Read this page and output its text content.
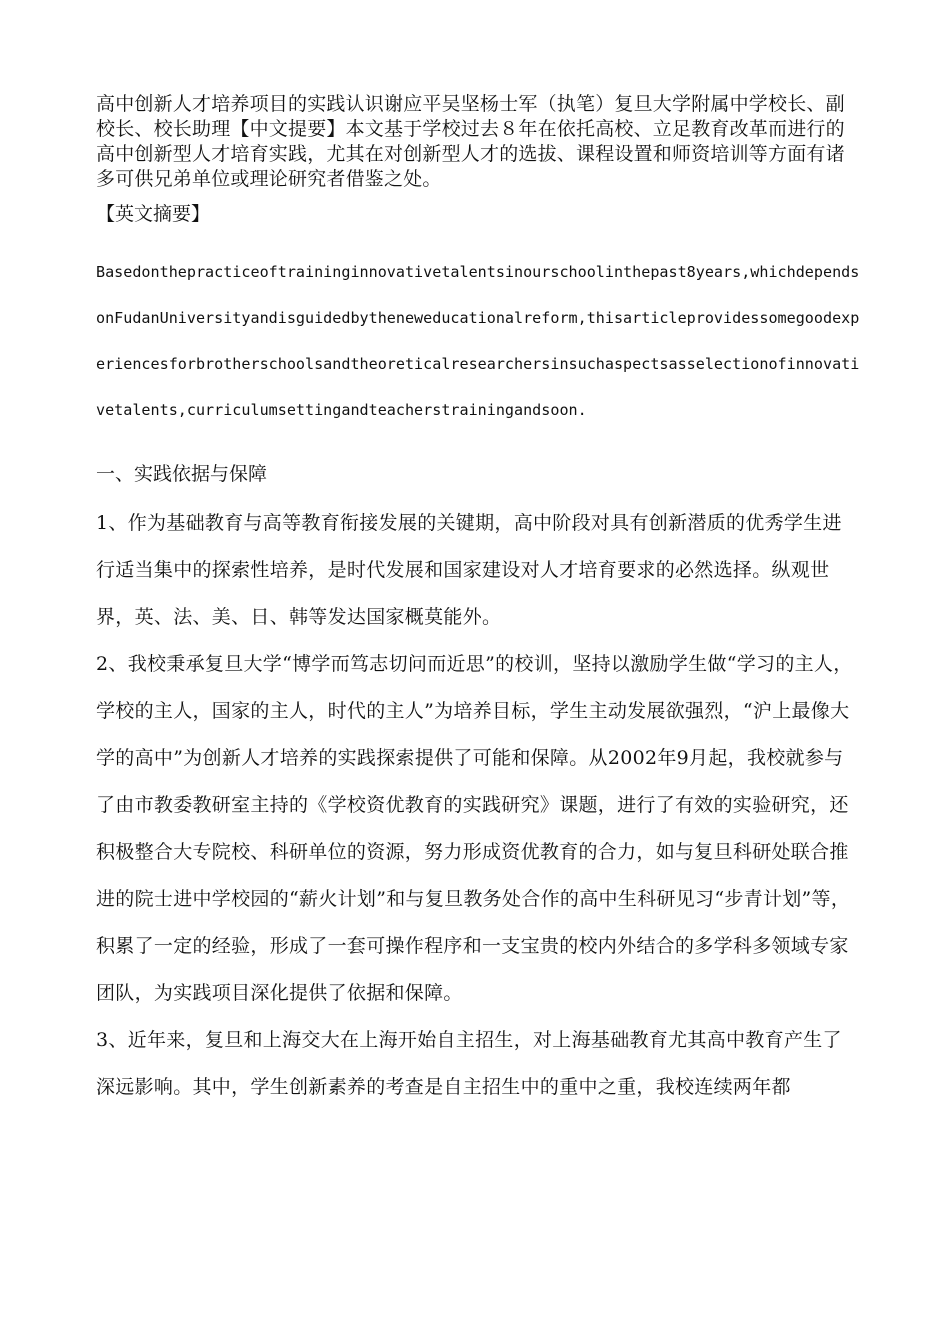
高中创新人才培养项目的实践认识谢应平吴坚杨士军（执笔）复旦大学附属中学校长、副校长、校长助理【中文提要】本文基于学校过去８年在依托高校、立足教育改革而进行的高中创新型人才培育实践，尤其在对创新型人才的选拔、课程设置和师资培训等方面有诸多可供兄弟单位或理论研究者借鉴之处。

【英文摘要】

Basedonthepracticeoftraininginnovativetalentsinourschoolinthepast8years,whichdependsonFudanUniversityandisguidedbytheneweducationalreform,thisarticleprovidessomegoodexperiencesforbrotherschoolsandtheoreticalresearchersinsuchaspectsasselectionofinnovativetalents,curriculumsettingandteacherstrainingandsoon.

一、实践依据与保障

1、作为基础教育与高等教育衔接发展的关键期，高中阶段对具有创新潜质的优秀学生进行适当集中的探索性培养，是时代发展和国家建设对人才培育要求的必然选择。纵观世界，英、法、美、日、韩等发达国家概莫能外。

2、我校秉承复旦大学“博学而笃志切问而近思”的校训，坚持以激励学生做“学习的主人，学校的主人，国家的主人，时代的主人”为培养目标，学生主动发展欲强烈，“沪上最像大学的高中”为创新人才培养的实践探索提供了可能和保障。从2002年9月起，我校就参与了由市教委教研室主持的《学校资优教育的实践研究》课题，进行了有效的实验研究，还积极整合大专院校、科研单位的资源，努力形成资优教育的合力，如与复旦科研处联合推进的院士进中学校园的“薪火计划”和与复旦教务处合作的高中生科研见习“步青计划”等，积累了一定的经验，形成了一套可操作程序和一支宝贵的校内外结合的多学科多领域专家团队，为实践项目深化提供了依据和保障。

3、近年来，复旦和上海交大在上海开始自主招生，对上海基础教育尤其高中教育产生了深远影响。其中，学生创新素养的考查是自主招生中的重中之重，我校连续两年都
